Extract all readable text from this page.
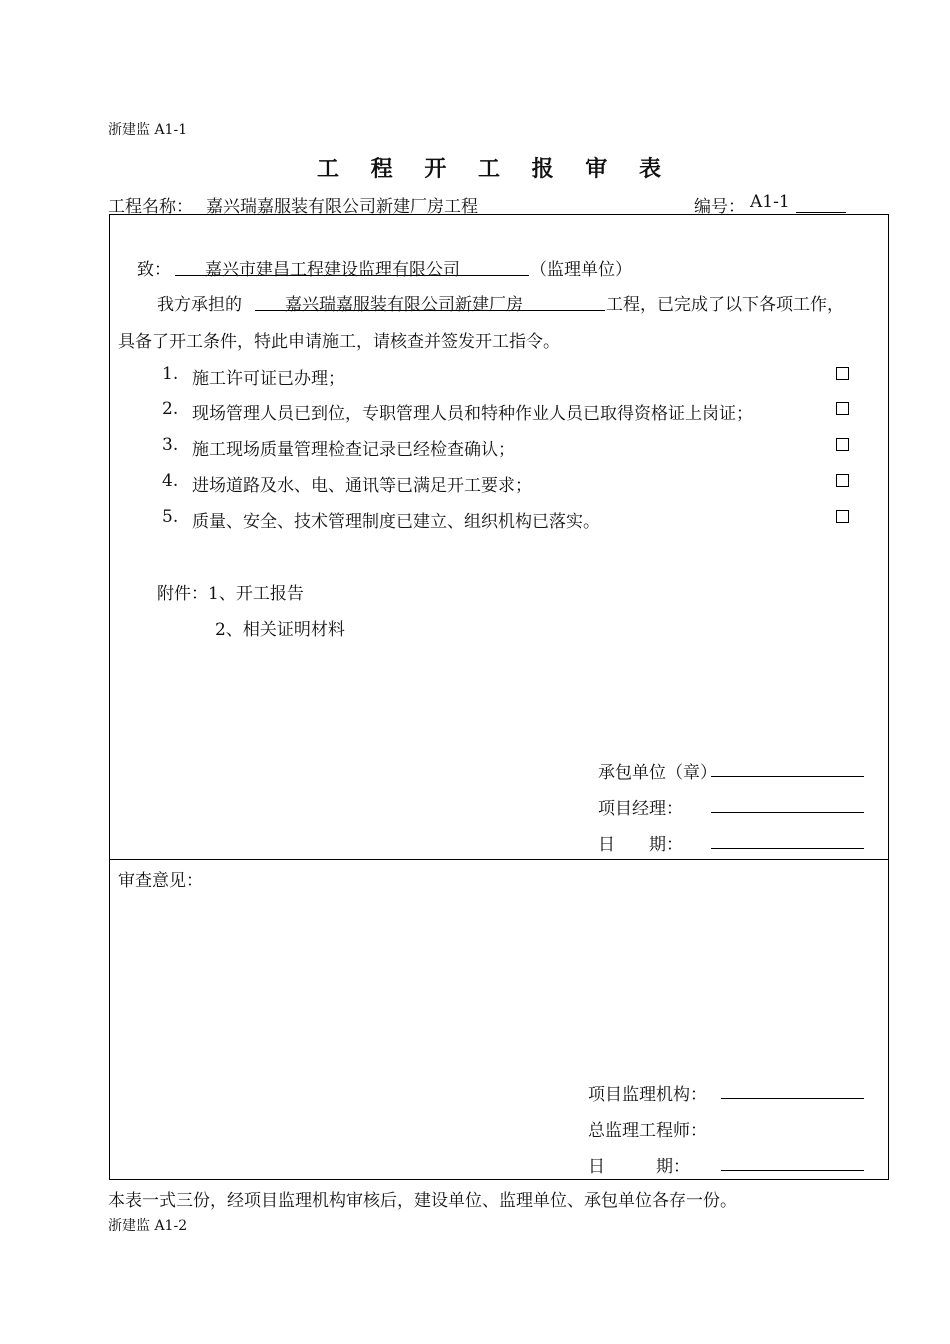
浙建监 A1-1
工 程 开 工 报 审 表
工程名称： 嘉兴瑞嘉服装有限公司新建厂房工程	编号： A1-1
致： 嘉兴市建昌工程建设监理有限公司	（监理单位）
我方承担的	嘉兴瑞嘉服装有限公司新建厂房	工程，已完成了以下各项工作，
具备了开工条件，特此申请施工，请核查并签发开工指令。
1. 施工许可证已办理；
2. 现场管理人员已到位，专职管理人员和特种作业人员已取得资格证上岗证；
3. 施工现场质量管理检查记录已经检查确认；
4. 进场道路及水、电、通讯等已满足开工要求；
5. 质量、安全、技术管理制度已建立、组织机构已落实。
附件：1、开工报告
2、相关证明材料
承包单位（章）
项目经理：
日　　期：
审查意见：
项目监理机构：
总监理工程师：
日　　　期：
本表一式三份，经项目监理机构审核后，建设单位、监理单位、承包单位各存一份。
浙建监 A1-2
